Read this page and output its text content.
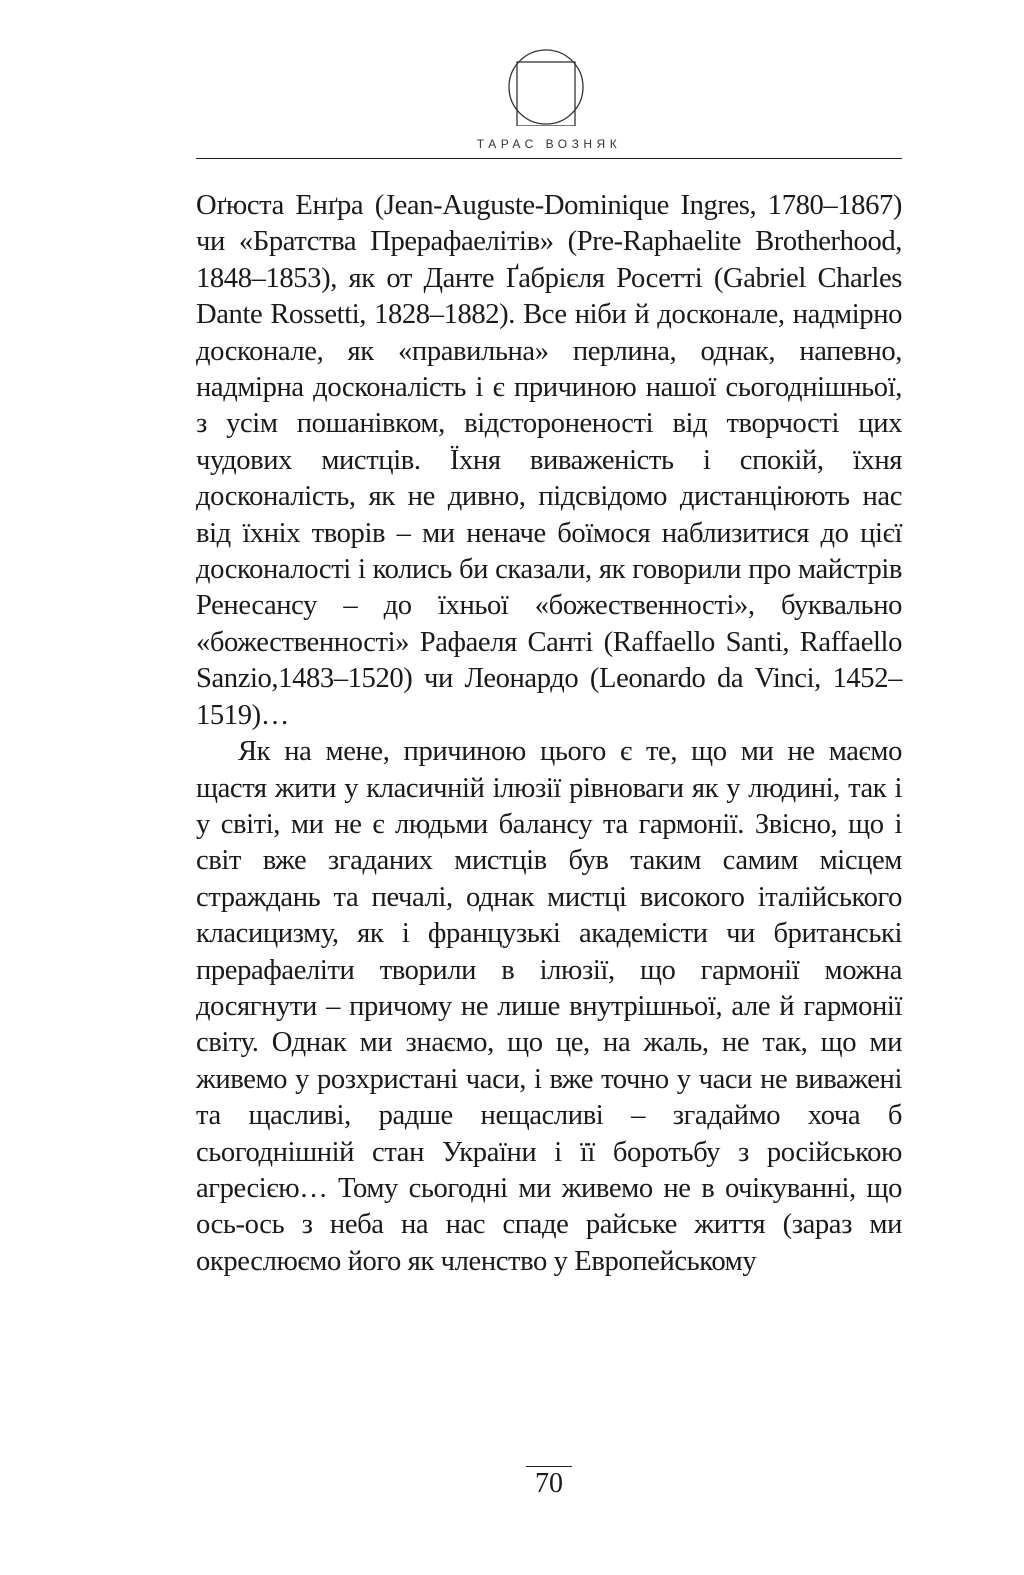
ТАРАС ВОЗНЯК

Оґюста Енґра (Jean-Auguste-Dominique Ingres, 1780–1867) чи «Братства Прерафаелітів» (Pre-Raphaelite Brotherhood, 1848–1853), як от Данте Ґабрієля Росетті (Gabriel Charles Dante Rossetti, 1828–1882). Все ніби й досконале, надмірно досконале, як «правильна» перлина, однак, напевно, надмірна досконалість і є причиною нашої сьогоднішньої, з усім пошанівком, відстороненості від творчості цих чудових мистців. Їхня виваженість і спокій, їхня досконалість, як не дивно, підсвідомо дистанціюють нас від їхніх творів – ми неначе боїмося наблизитися до цієї досконалості і колись би сказали, як говорили про майстрів Ренесансу – до їхньої «божественності», буквально «божественності» Рафаеля Санті (Raffaello Santi, Raffaello Sanzio,1483–1520) чи Леонардо (Leonardo da Vinci, 1452–1519)…

Як на мене, причиною цього є те, що ми не маємо щастя жити у класичній ілюзії рівноваги як у людині, так і у світі, ми не є людьми балансу та гармонії. Звісно, що і світ вже згаданих мистців був таким самим місцем страждань та печалі, однак мистці високого італійського класицизму, як і французькі академісти чи британські прерафаеліти творили в ілюзії, що гармонії можна досягнути – причому не лише внутрішньої, але й гармонії світу. Однак ми знаємо, що це, на жаль, не так, що ми живемо у розхристані часи, і вже точно у часи не виважені та щасливі, радше нещасливі – згадаймо хоча б сьогоднішній стан України і її боротьбу з російською агресією… Тому сьогодні ми живемо не в очікуванні, що ось-ось з неба на нас спаде райське життя (зараз ми окреслюємо його як членство у Европейському

70
